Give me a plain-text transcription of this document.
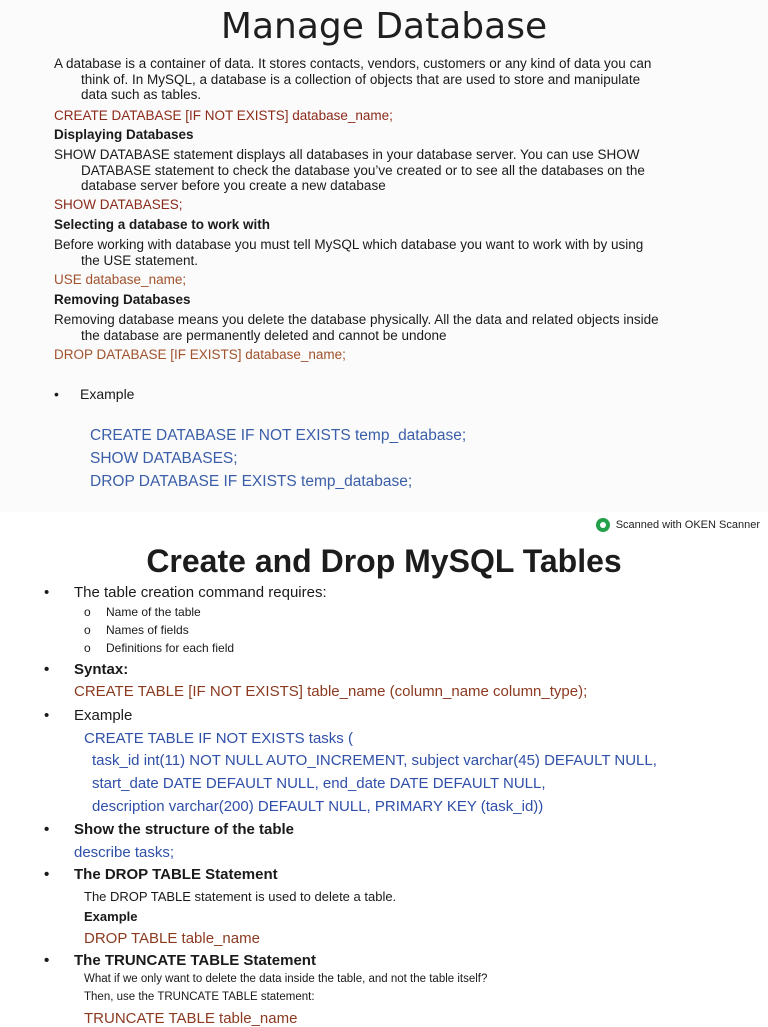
Manage Database
A database is a container of data. It stores contacts, vendors, customers or any kind of data you can
think of. In MySQL, a database is a collection of objects that are used to store and manipulate
data such as tables.
CREATE DATABASE [IF NOT EXISTS] database_name;
Displaying Databases
SHOW DATABASE statement displays all databases in your database server. You can use SHOW
DATABASE statement to check the database you’ve created or to see all the databases on the
database server before you create a new database
SHOW DATABASES;
Selecting a database to work with
Before working with database you must tell MySQL which database you want to work with by using
the USE statement.
USE database_name;
Removing Databases
Removing database means you delete the database physically. All the data and related objects inside
the database are permanently deleted and cannot be undone
DROP DATABASE [IF EXISTS] database_name;
• Example
CREATE DATABASE IF NOT EXISTS temp_database;
SHOW DATABASES;
DROP DATABASE IF EXISTS temp_database;
Scanned with OKEN Scanner
Create and Drop MySQL Tables
• The table creation command requires:
o Name of the table
o Names of fields
o Definitions for each field
• Syntax:
CREATE TABLE [IF NOT EXISTS] table_name (column_name column_type);
• Example
CREATE TABLE IF NOT EXISTS tasks (
task_id int(11) NOT NULL AUTO_INCREMENT, subject varchar(45) DEFAULT NULL,
start_date DATE DEFAULT NULL, end_date DATE DEFAULT NULL,
description varchar(200) DEFAULT NULL, PRIMARY KEY (task_id))
• Show the structure of the table
describe tasks;
• The DROP TABLE Statement
The DROP TABLE statement is used to delete a table.
Example
DROP TABLE table_name
• The TRUNCATE TABLE Statement
What if we only want to delete the data inside the table, and not the table itself?
Then, use the TRUNCATE TABLE statement:
TRUNCATE TABLE table_name
